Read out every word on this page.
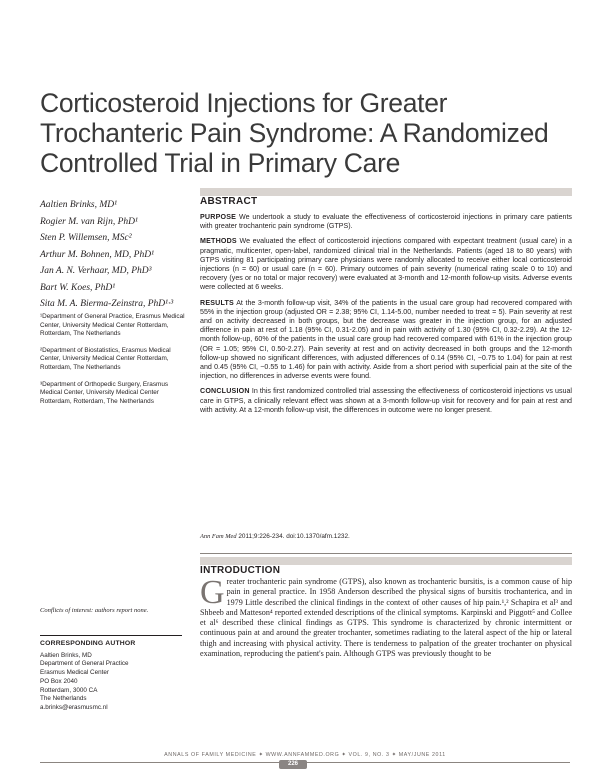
Corticosteroid Injections for Greater Trochanteric Pain Syndrome: A Randomized Controlled Trial in Primary Care
Aaltien Brinks, MD¹
Rogier M. van Rijn, PhD¹
Sten P. Willemsen, MSc²
Arthur M. Bohnen, MD, PhD¹
Jan A. N. Verhaar, MD, PhD³
Bart W. Koes, PhD¹
Sita M. A. Bierma-Zeinstra, PhD¹·³

¹Department of General Practice, Erasmus Medical Center, University Medical Center Rotterdam, Rotterdam, The Netherlands

²Department of Biostatistics, Erasmus Medical Center, University Medical Center Rotterdam, Rotterdam, The Netherlands

³Department of Orthopedic Surgery, Erasmus Medical Center, University Medical Center Rotterdam, Rotterdam, The Netherlands

Conflicts of interest: authors report none.
CORRESPONDING AUTHOR
Aaltien Brinks, MD
Department of General Practice
Erasmus Medical Center
PO Box 2040
Rotterdam, 3000 CA
The Netherlands
a.brinks@erasmusmc.nl
ABSTRACT

PURPOSE We undertook a study to evaluate the effectiveness of corticosteroid injections in primary care patients with greater trochanteric pain syndrome (GTPS).

METHODS We evaluated the effect of corticosteroid injections compared with expectant treatment (usual care) in a pragmatic, multicenter, open-label, randomized clinical trial in the Netherlands. Patients (aged 18 to 80 years) with GTPS visiting 81 participating primary care physicians were randomly allocated to receive either local corticosteroid injections (n = 60) or usual care (n = 60). Primary outcomes of pain severity (numerical rating scale 0 to 10) and recovery (yes or no total or major recovery) were evaluated at 3-month and 12-month follow-up visits. Adverse events were collected at 6 weeks.

RESULTS At the 3-month follow-up visit, 34% of the patients in the usual care group had recovered compared with 55% in the injection group (adjusted OR = 2.38; 95% CI, 1.14-5.00, number needed to treat = 5). Pain severity at rest and on activity decreased in both groups, but the decrease was greater in the injection group, for an adjusted difference in pain at rest of 1.18 (95% CI, 0.31-2.05) and in pain with activity of 1.30 (95% CI, 0.32-2.29). At the 12-month follow-up, 60% of the patients in the usual care group had recovered compared with 61% in the injection group (OR = 1.05; 95% CI, 0.50-2.27). Pain severity at rest and on activity decreased in both groups and the 12-month follow-up showed no significant differences, with adjusted differences of 0.14 (95% CI, −0.75 to 1.04) for pain at rest and 0.45 (95% CI, −0.55 to 1.46) for pain with activity. Aside from a short period with superficial pain at the site of the injection, no differences in adverse events were found.

CONCLUSION In this first randomized controlled trial assessing the effectiveness of corticosteroid injections vs usual care in GTPS, a clinically relevant effect was shown at a 3-month follow-up visit for recovery and for pain at rest and with activity. At a 12-month follow-up visit, the differences in outcome were no longer present.

Ann Fam Med 2011;9:226-234. doi:10.1370/afm.1232.
INTRODUCTION
G reater trochanteric pain syndrome (GTPS), also known as trochanteric bursitis, is a common cause of hip pain in general practice. In 1958 Anderson described the physical signs of bursitis trochanterica, and in 1979 Little described the clinical findings in the context of other causes of hip pain.¹,² Schapira et al³ and Shbeeb and Matteson⁴ reported extended descriptions of the clinical symptoms. Karpinski and Piggott⁵ and Collee et al⁶ described these clinical findings as GTPS. This syndrome is characterized by chronic intermittent or continuous pain at and around the greater trochanter, sometimes radiating to the lateral aspect of the hip or lateral thigh and increasing with physical activity. There is tenderness to palpation of the greater trochanter on physical examination, reproducing the patient's pain. Although GTPS was previously thought to be

ANNALS OF FAMILY MEDICINE ✦ WWW.ANNFAMMED.ORG ✦ VOL. 9, NO. 3 ✦ MAY/JUNE 2011
226
